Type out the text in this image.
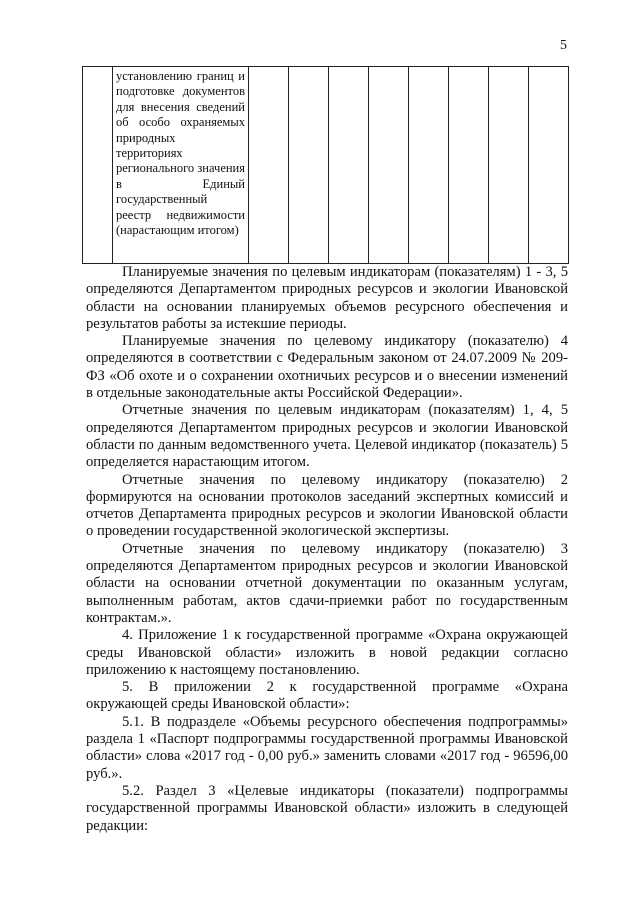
5

установлению границ и подготовке документов для внесения сведений об особо охраняемых природных территориях регионального значения в Единый государственный реестр недвижимости (нарастающим итогом)

Планируемые значения по целевым индикаторам (показателям) 1 - 3, 5 определяются Департаментом природных ресурсов и экологии Ивановской области на основании планируемых объемов ресурсного обеспечения и результатов работы за истекшие периоды.

Планируемые значения по целевому индикатору (показателю) 4 определяются в соответствии с Федеральным законом от 24.07.2009 № 209-ФЗ «Об охоте и о сохранении охотничьих ресурсов и о внесении изменений в отдельные законодательные акты Российской Федерации».

Отчетные значения по целевым индикаторам (показателям) 1, 4, 5 определяются Департаментом природных ресурсов и экологии Ивановской области по данным ведомственного учета. Целевой индикатор (показатель) 5 определяется нарастающим итогом.

Отчетные значения по целевому индикатору (показателю) 2 формируются на основании протоколов заседаний экспертных комиссий и отчетов Департамента природных ресурсов и экологии Ивановской области о проведении государственной экологической экспертизы.

Отчетные значения по целевому индикатору (показателю) 3 определяются Департаментом природных ресурсов и экологии Ивановской области на основании отчетной документации по оказанным услугам, выполненным работам, актов сдачи-приемки работ по государственным контрактам.».

4. Приложение 1 к государственной программе «Охрана окружающей среды Ивановской области» изложить в новой редакции согласно приложению к настоящему постановлению.

5. В приложении 2 к государственной программе «Охрана окружающей среды Ивановской области»:

5.1. В подразделе «Объемы ресурсного обеспечения подпрограммы» раздела 1 «Паспорт подпрограммы государственной программы Ивановской области» слова «2017 год - 0,00 руб.» заменить словами «2017 год - 96596,00 руб.».

5.2. Раздел 3 «Целевые индикаторы (показатели) подпрограммы государственной программы Ивановской области» изложить в следующей редакции:
